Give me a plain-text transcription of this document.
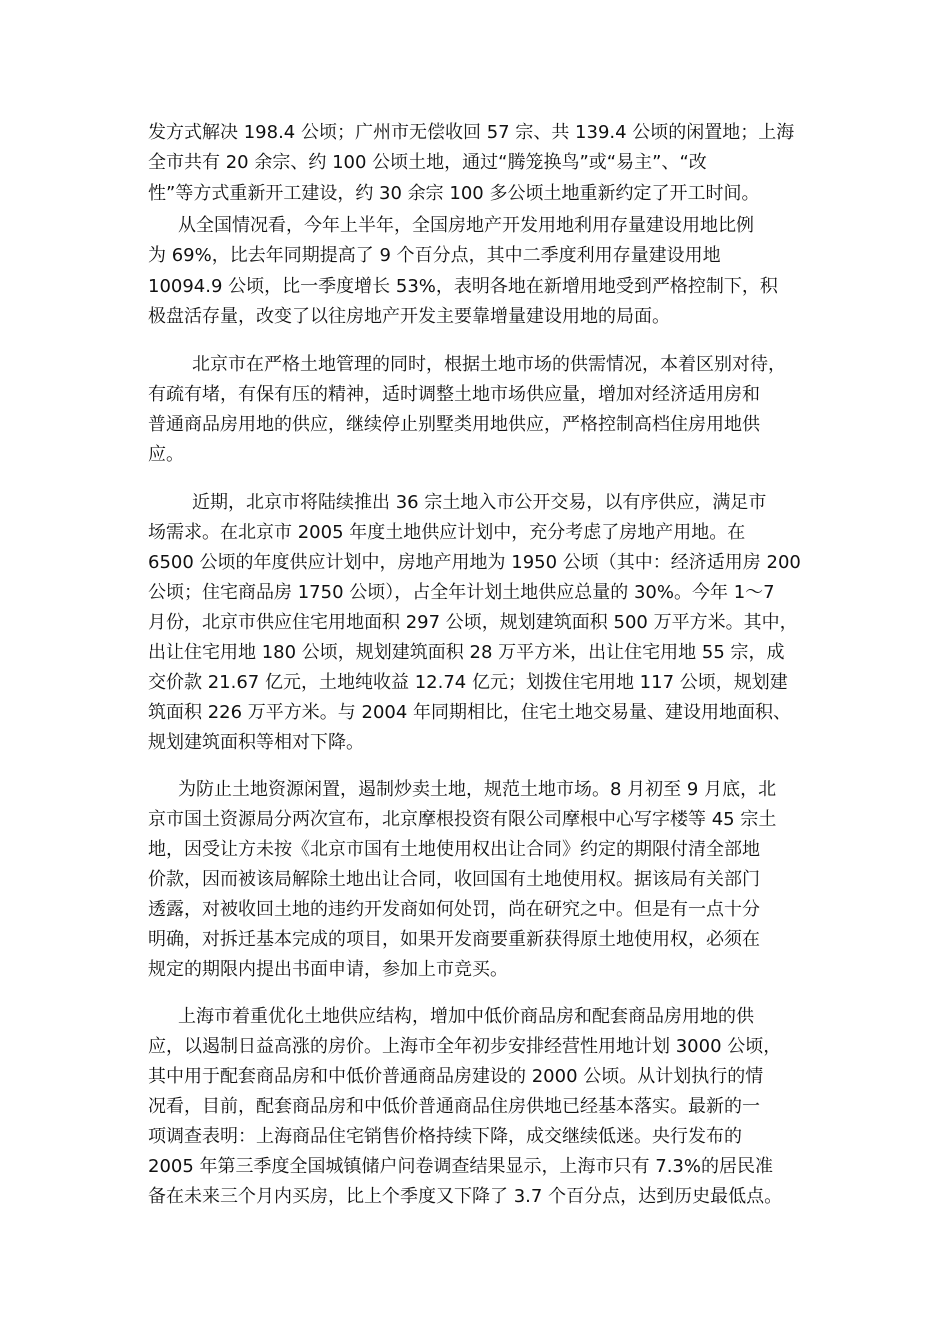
发方式解决 198.4 公顷；广州市无偿收回 57 宗、共 139.4 公顷的闲置地；上海
全市共有 20 余宗、约 100 公顷土地，通过“腾笼换鸟”或“易主”、“改
性”等方式重新开工建设，约 30 余宗 100 多公顷土地重新约定了开工时间。
从全国情况看，今年上半年，全国房地产开发用地利用存量建设用地比例
为 69%，比去年同期提高了 9 个百分点，其中二季度利用存量建设用地
10094.9 公顷，比一季度增长 53%，表明各地在新增用地受到严格控制下，积
极盘活存量，改变了以往房地产开发主要靠增量建设用地的局面。
北京市在严格土地管理的同时，根据土地市场的供需情况，本着区别对待，
有疏有堵，有保有压的精神，适时调整土地市场供应量，增加对经济适用房和
普通商品房用地的供应，继续停止别墅类用地供应，严格控制高档住房用地供
应。
近期，北京市将陆续推出 36 宗土地入市公开交易，以有序供应，满足市
场需求。在北京市 2005 年度土地供应计划中，充分考虑了房地产用地。在
6500 公顷的年度供应计划中，房地产用地为 1950 公顷（其中：经济适用房 200
公顷；住宅商品房 1750 公顷），占全年计划土地供应总量的 30%。今年 1～7
月份，北京市供应住宅用地面积 297 公顷，规划建筑面积 500 万平方米。其中，
出让住宅用地 180 公顷，规划建筑面积 28 万平方米，出让住宅用地 55 宗，成
交价款 21.67 亿元，土地纯收益 12.74 亿元；划拨住宅用地 117 公顷，规划建
筑面积 226 万平方米。与 2004 年同期相比，住宅土地交易量、建设用地面积、
规划建筑面积等相对下降。
为防止土地资源闲置，遏制炒卖土地，规范土地市场。8 月初至 9 月底，北
京市国土资源局分两次宣布，北京摩根投资有限公司摩根中心写字楼等 45 宗土
地，因受让方未按《北京市国有土地使用权出让合同》约定的期限付清全部地
价款，因而被该局解除土地出让合同，收回国有土地使用权。据该局有关部门
透露，对被收回土地的违约开发商如何处罚，尚在研究之中。但是有一点十分
明确，对拆迁基本完成的项目，如果开发商要重新获得原土地使用权，必须在
规定的期限内提出书面申请，参加上市竞买。
上海市着重优化土地供应结构，增加中低价商品房和配套商品房用地的供
应，以遏制日益高涨的房价。上海市全年初步安排经营性用地计划 3000 公顷，
其中用于配套商品房和中低价普通商品房建设的 2000 公顷。从计划执行的情
况看，目前，配套商品房和中低价普通商品住房供地已经基本落实。最新的一
项调查表明：上海商品住宅销售价格持续下降，成交继续低迷。央行发布的
2005 年第三季度全国城镇储户问卷调查结果显示，上海市只有 7.3%的居民准
备在未来三个月内买房，比上个季度又下降了 3.7 个百分点，达到历史最低点。
